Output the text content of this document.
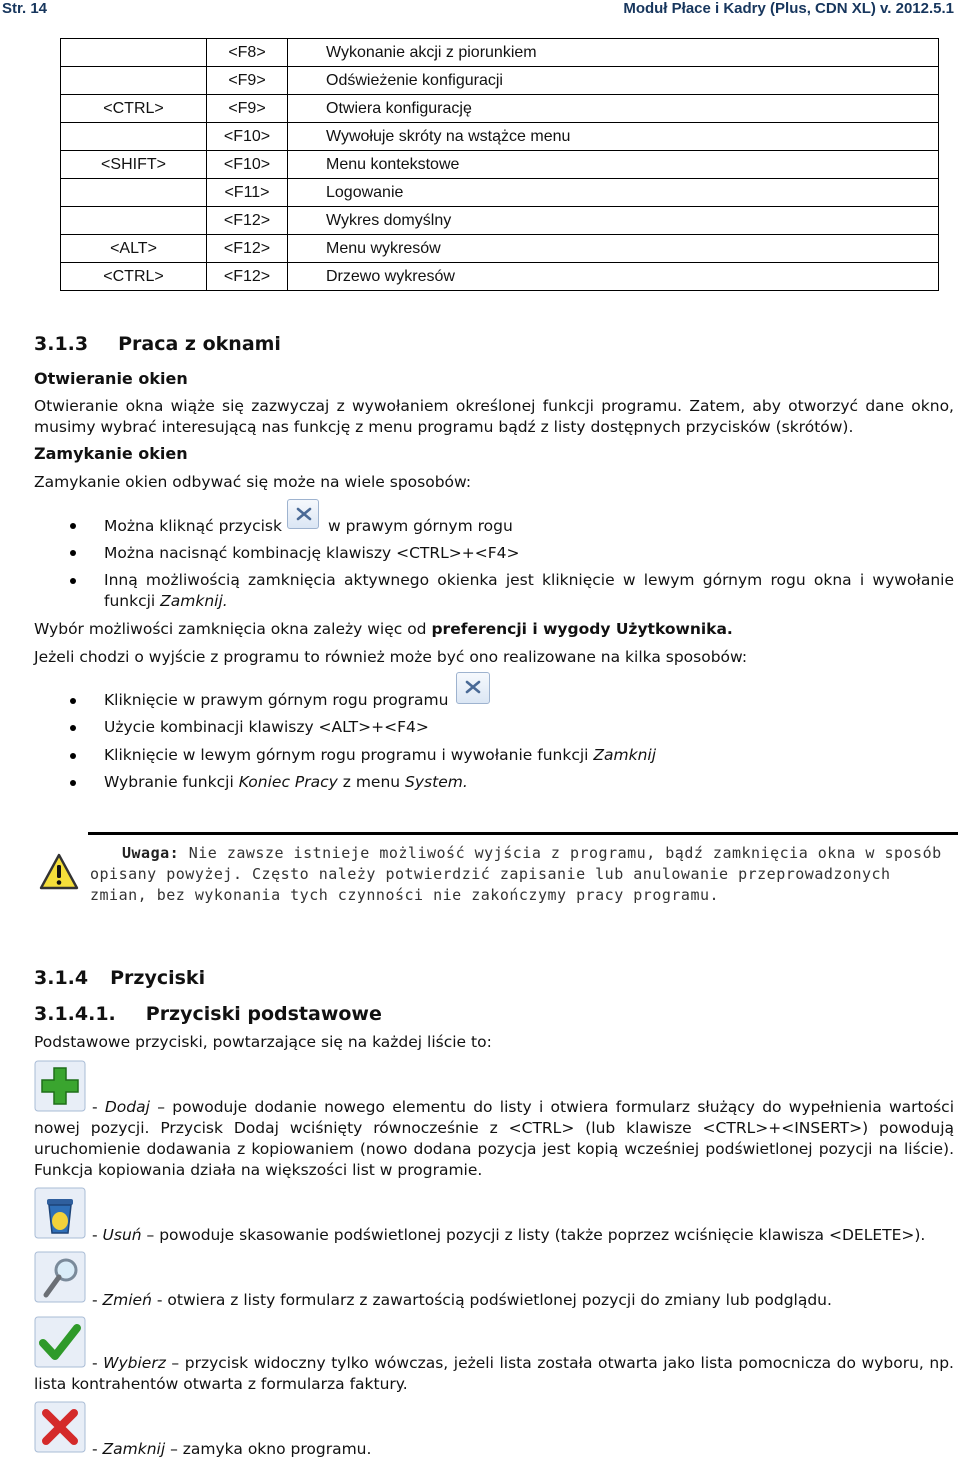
Str. 14	Moduł Płace i Kadry (Plus, CDN XL) v. 2012.5.1
	<F8>	Wykonanie akcji z piorunkiem
	<F9>	Odświeżenie konfiguracji
<CTRL>	<F9>	Otwiera konfigurację
	<F10>	Wywołuje skróty na wstążce menu
<SHIFT>	<F10>	Menu kontekstowe
	<F11>	Logowanie
	<F12>	Wykres domyślny
<ALT>	<F12>	Menu wykresów
<CTRL>	<F12>	Drzewo wykresów
3.1.3 Praca z oknami
Otwieranie okien
Otwieranie okna wiąże się zazwyczaj z wywołaniem określonej funkcji programu. Zatem, aby otworzyć dane okno, musimy wybrać interesującą nas funkcję z menu programu bądź z listy dostępnych przycisków (skrótów).
Zamykanie okien
Zamykanie okien odbywać się może na wiele sposobów:
Można kliknąć przycisk	w prawym górnym rogu
Można nacisnąć kombinację klawiszy <CTRL>+<F4>
Inną możliwością zamknięcia aktywnego okienka jest kliknięcie w lewym górnym rogu okna i wywołanie funkcji Zamknij.
Wybór możliwości zamknięcia okna zależy więc od preferencji i wygody Użytkownika.
Jeżeli chodzi o wyjście z programu to również może być ono realizowane na kilka sposobów:
Kliknięcie w prawym górnym rogu programu
Użycie kombinacji klawiszy <ALT>+<F4>
Kliknięcie w lewym górnym rogu programu i wywołanie funkcji Zamknij
Wybranie funkcji Koniec Pracy z menu System.
Uwaga: Nie zawsze istnieje możliwość wyjścia z programu, bądź zamknięcia okna w sposób opisany powyżej. Często należy potwierdzić zapisanie lub anulowanie przeprowadzonych zmian, bez wykonania tych czynności nie zakończymy pracy programu.
3.1.4 Przyciski
3.1.4.1. Przyciski podstawowe
Podstawowe przyciski, powtarzające się na każdej liście to:
- Dodaj – powoduje dodanie nowego elementu do listy i otwiera formularz służący do wypełnienia wartości nowej pozycji. Przycisk Dodaj wciśnięty równocześnie z <CTRL> (lub klawisze <CTRL>+<INSERT>) powodują uruchomienie dodawania z kopiowaniem (nowo dodana pozycja jest kopią wcześniej podświetlonej pozycji na liście). Funkcja kopiowania działa na większości list w programie.
- Usuń – powoduje skasowanie podświetlonej pozycji z listy (także poprzez wciśnięcie klawisza <DELETE>).
- Zmień - otwiera z listy formularz z zawartością podświetlonej pozycji do zmiany lub podglądu.
- Wybierz – przycisk widoczny tylko wówczas, jeżeli lista została otwarta jako lista pomocnicza do wyboru, np. lista kontrahentów otwarta z formularza faktury.
- Zamknij – zamyka okno programu.
